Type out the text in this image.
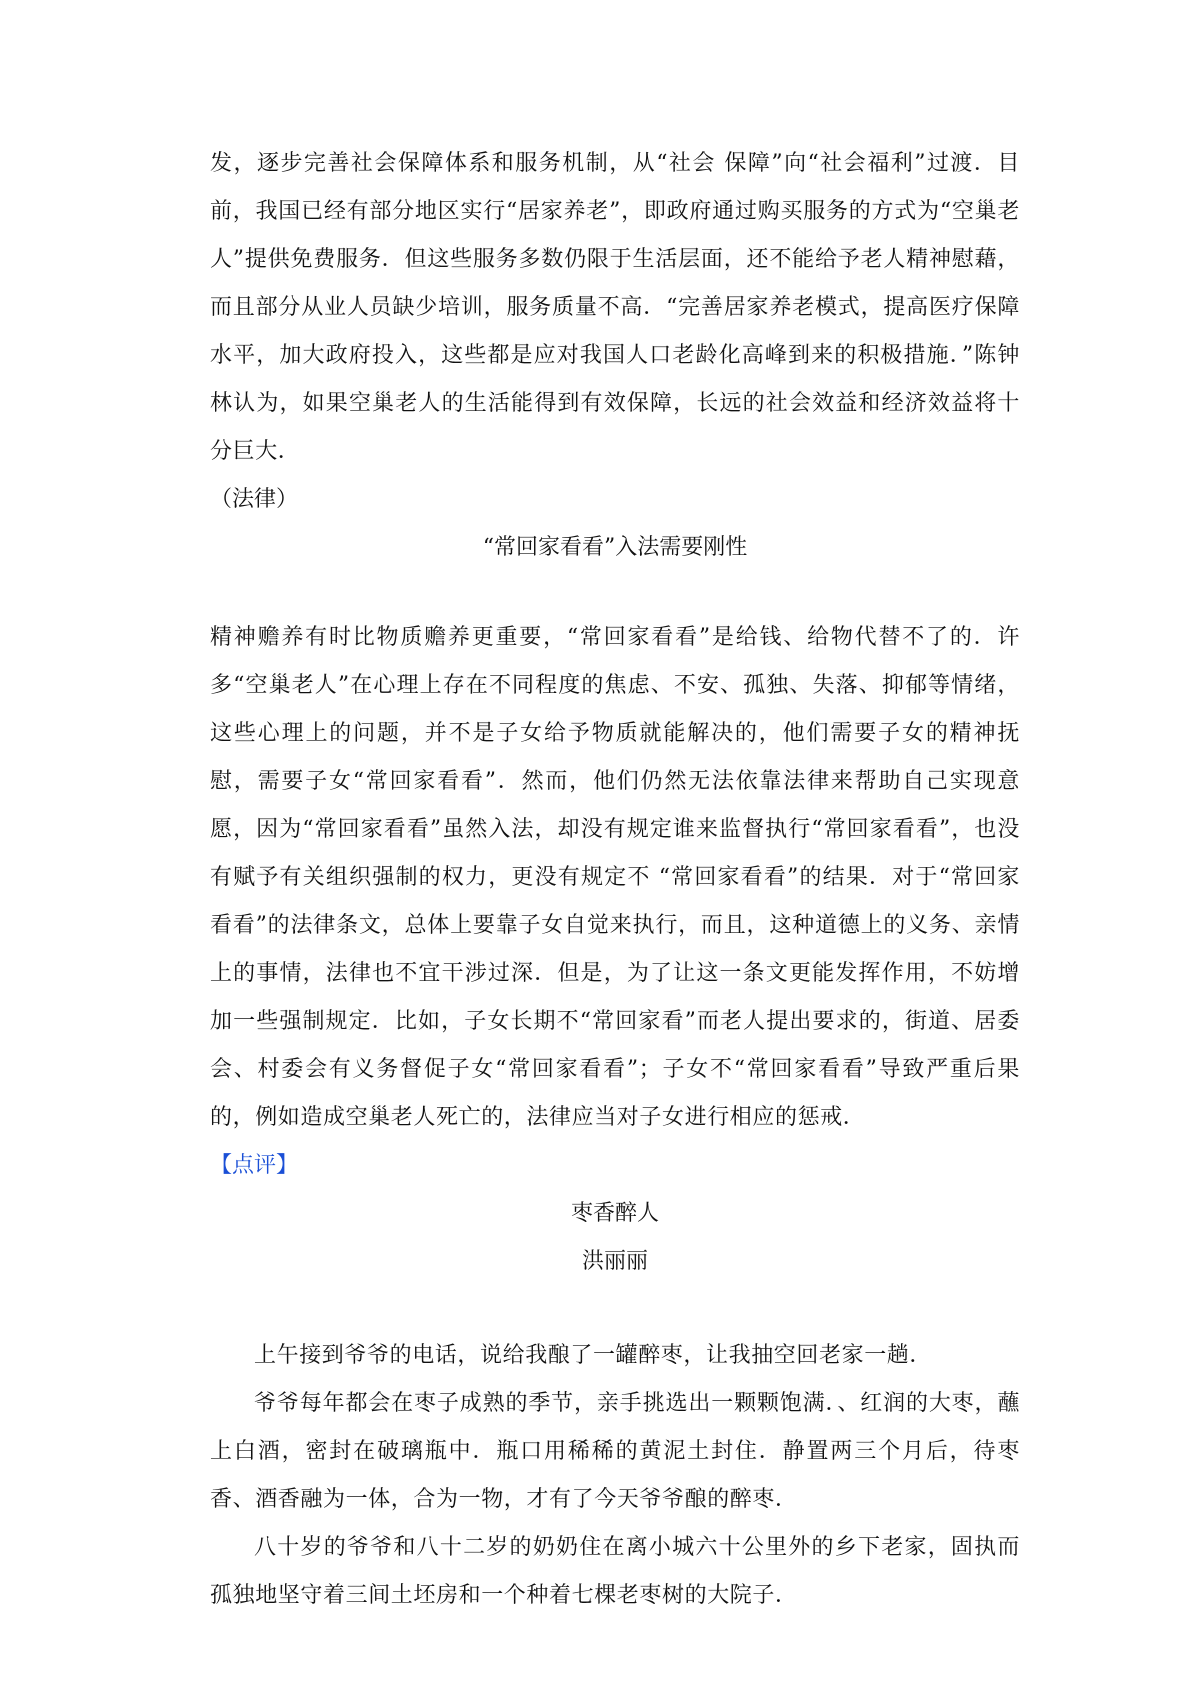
发，逐步完善社会保障体系和服务机制，从“社会 保障”向“社会福利”过渡．目前，我国已经有部分地区实行“居家养老”，即政府通过购买服务的方式为“空巢老人”提供免费服务．但这些服务多数仍限于生活层面，还不能给予老人精神慰藉，而且部分从业人员缺少培训，服务质量不高．“完善居家养老模式，提高医疗保障水平，加大政府投入，这些都是应对我国人口老龄化高峰到来的积极措施．”陈钟林认为，如果空巢老人的生活能得到有效保障，长远的社会效益和经济效益将十分巨大．

（法律）

“常回家看看”入法需要刚性

精神赡养有时比物质赡养更重要，“常回家看看”是给钱、给物代替不了的．许多“空巢老人”在心理上存在不同程度的焦虑、不安、孤独、失落、抑郁等情绪，这些心理上的问题，并不是子女给予物质就能解决的，他们需要子女的精神抚慰，需要子女“常回家看看”．然而，他们仍然无法依靠法律来帮助自己实现意愿，因为“常回家看看”虽然入法，却没有规定谁来监督执行“常回家看看”，也没有赋予有关组织强制的权力，更没有规定不 “常回家看看”的结果．对于“常回家看看”的法律条文，总体上要靠子女自觉来执行，而且，这种道德上的义务、亲情上的事情，法律也不宜干涉过深．但是，为了让这一条文更能发挥作用，不妨增加一些强制规定．比如，子女长期不“常回家看”而老人提出要求的，街道、居委会、村委会有义务督促子女“常回家看看”；子女不“常回家看看”导致严重后果的，例如造成空巢老人死亡的，法律应当对子女进行相应的惩戒．

【点评】

枣香醉人

洪丽丽

上午接到爷爷的电话，说给我酿了一罐醉枣，让我抽空回老家一趟．

爷爷每年都会在枣子成熟的季节，亲手挑选出一颗颗饱满．、红润的大枣，蘸上白酒，密封在破璃瓶中．瓶口用稀稀的黄泥土封住．静置两三个月后，待枣香、酒香融为一体，合为一物，才有了今天爷爷酿的醉枣．

八十岁的爷爷和八十二岁的奶奶住在离小城六十公里外的乡下老家，固执而孤独地坚守着三间土坯房和一个种着七棵老枣树的大院子．
